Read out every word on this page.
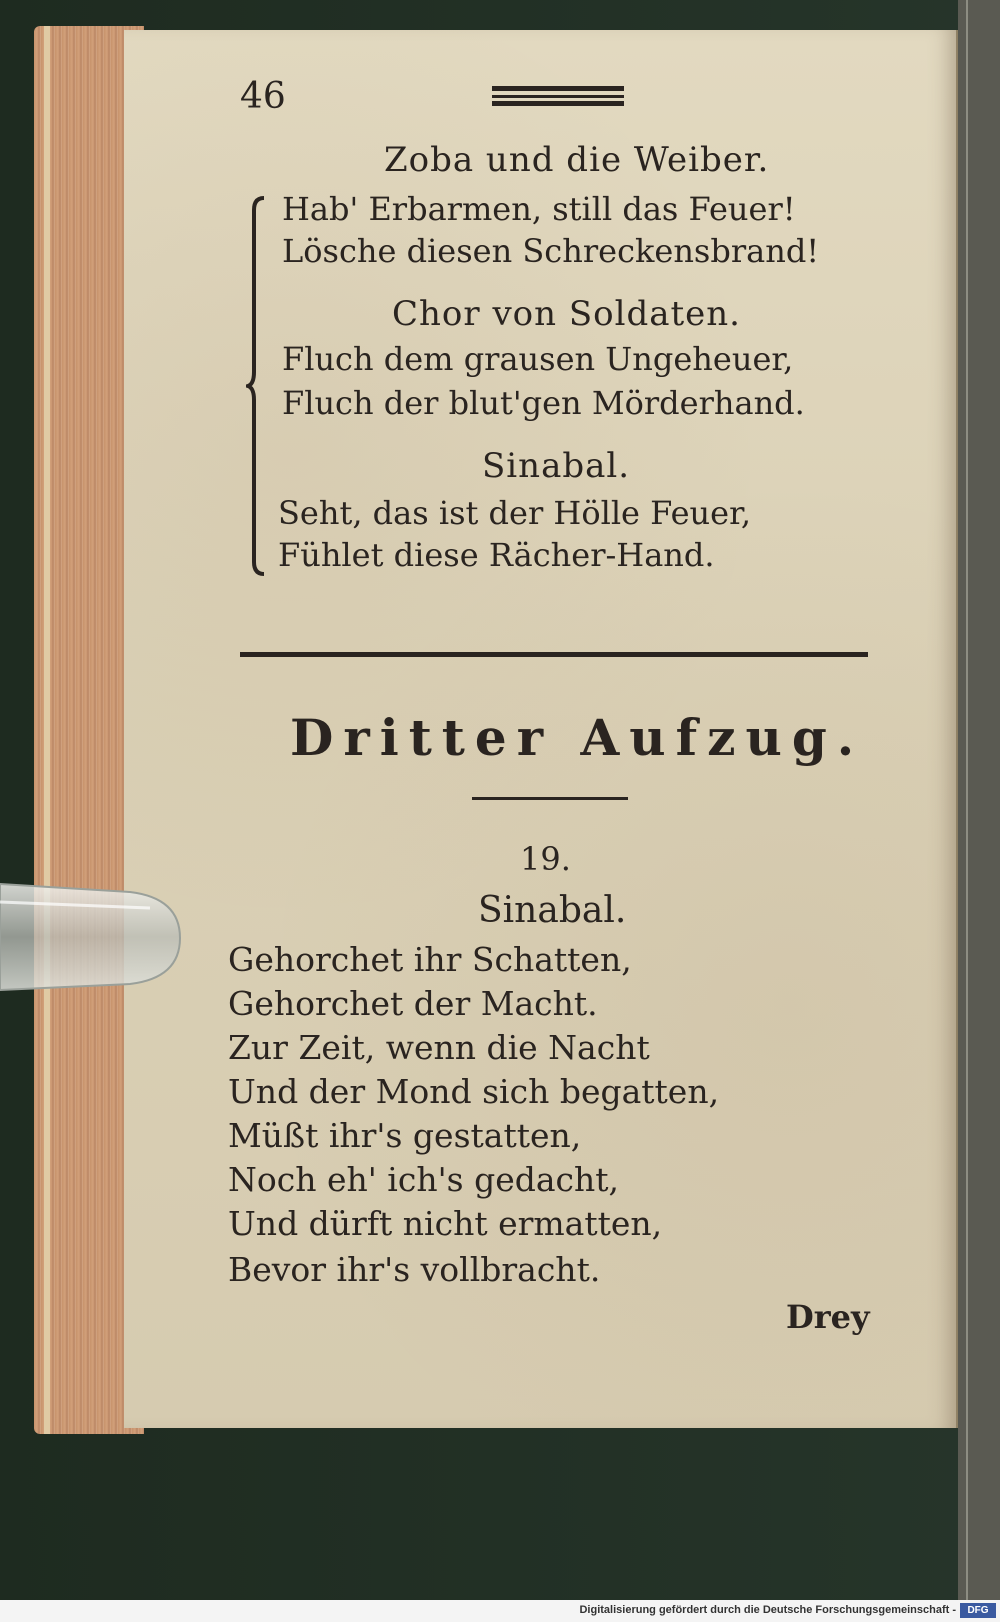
46
Zoba und die Weiber.
Hab' Erbarmen, still das Feuer!
Lösche diesen Schreckensbrand!
Chor von Soldaten.
Fluch dem grausen Ungeheuer,
Fluch der blut'gen Mörderhand.
Sinabal.
Seht, das ist der Hölle Feuer,
Fühlet diese Rächer-Hand.
Dritter Aufzug.
19.
Sinabal.
Gehorchet ihr Schatten,
Gehorchet der Macht.
Zur Zeit, wenn die Nacht
Und der Mond sich begatten,
Müßt ihr's gestatten,
Noch eh' ich's gedacht,
Und dürft nicht ermatten,
Bevor ihr's vollbracht.
Drey
Digitalisierung gefördert durch die Deutsche Forschungsgemeinschaft -	DFG
